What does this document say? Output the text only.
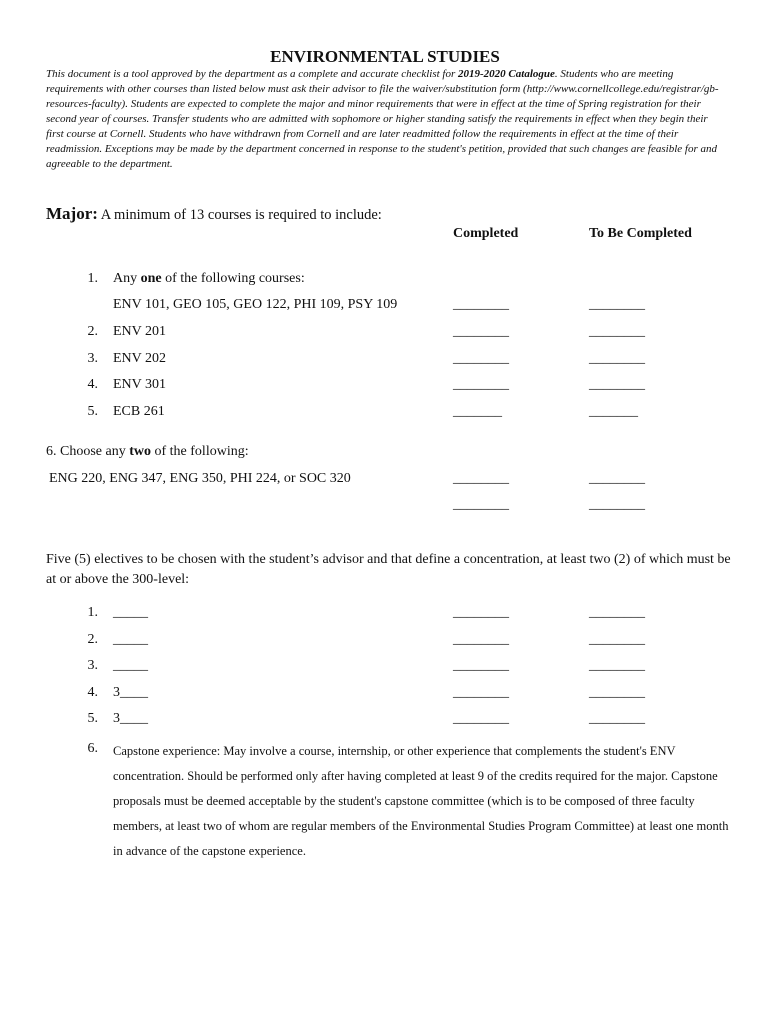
ENVIRONMENTAL STUDIES
This document is a tool approved by the department as a complete and accurate checklist for 2019-2020 Catalogue. Students who are meeting requirements with other courses than listed below must ask their advisor to file the waiver/substitution form (http://www.cornellcollege.edu/registrar/gb-resources-faculty). Students are expected to complete the major and minor requirements that were in effect at the time of Spring registration for their second year of courses. Transfer students who are admitted with sophomore or higher standing satisfy the requirements in effect when they begin their first course at Cornell. Students who have withdrawn from Cornell and are later readmitted follow the requirements in effect at the time of their readmission. Exceptions may be made by the department concerned in response to the student's petition, provided that such changes are feasible for and agreeable to the department.
Major: A minimum of 13 courses is required to include:
Completed	To Be Completed
1. Any one of the following courses:
ENV 101, GEO 105, GEO 122, PHI 109, PSY 109	________	________
2. ENV 201	________	________
3. ENV 202	________	________
4. ENV 301	________	________
5. ECB 261	_______	_______
6. Choose any two of the following:
ENG 220, ENG 347, ENG 350, PHI 224, or SOC 320	________	________
________	________
Five (5) electives to be chosen with the student’s advisor and that define a concentration, at least two (2) of which must be at or above the 300-level:
1. _____	________	________
2. _____	________	________
3. _____	________	________
4. 3____	________	________
5. 3____	________	________
6. Capstone experience: May involve a course, internship, or other experience that complements the student's ENV concentration. Should be performed only after having completed at least 9 of the credits required for the major. Capstone proposals must be deemed acceptable by the student's capstone committee (which is to be composed of three faculty members, at least two of whom are regular members of the Environmental Studies Program Committee) at least one month in advance of the capstone experience.
